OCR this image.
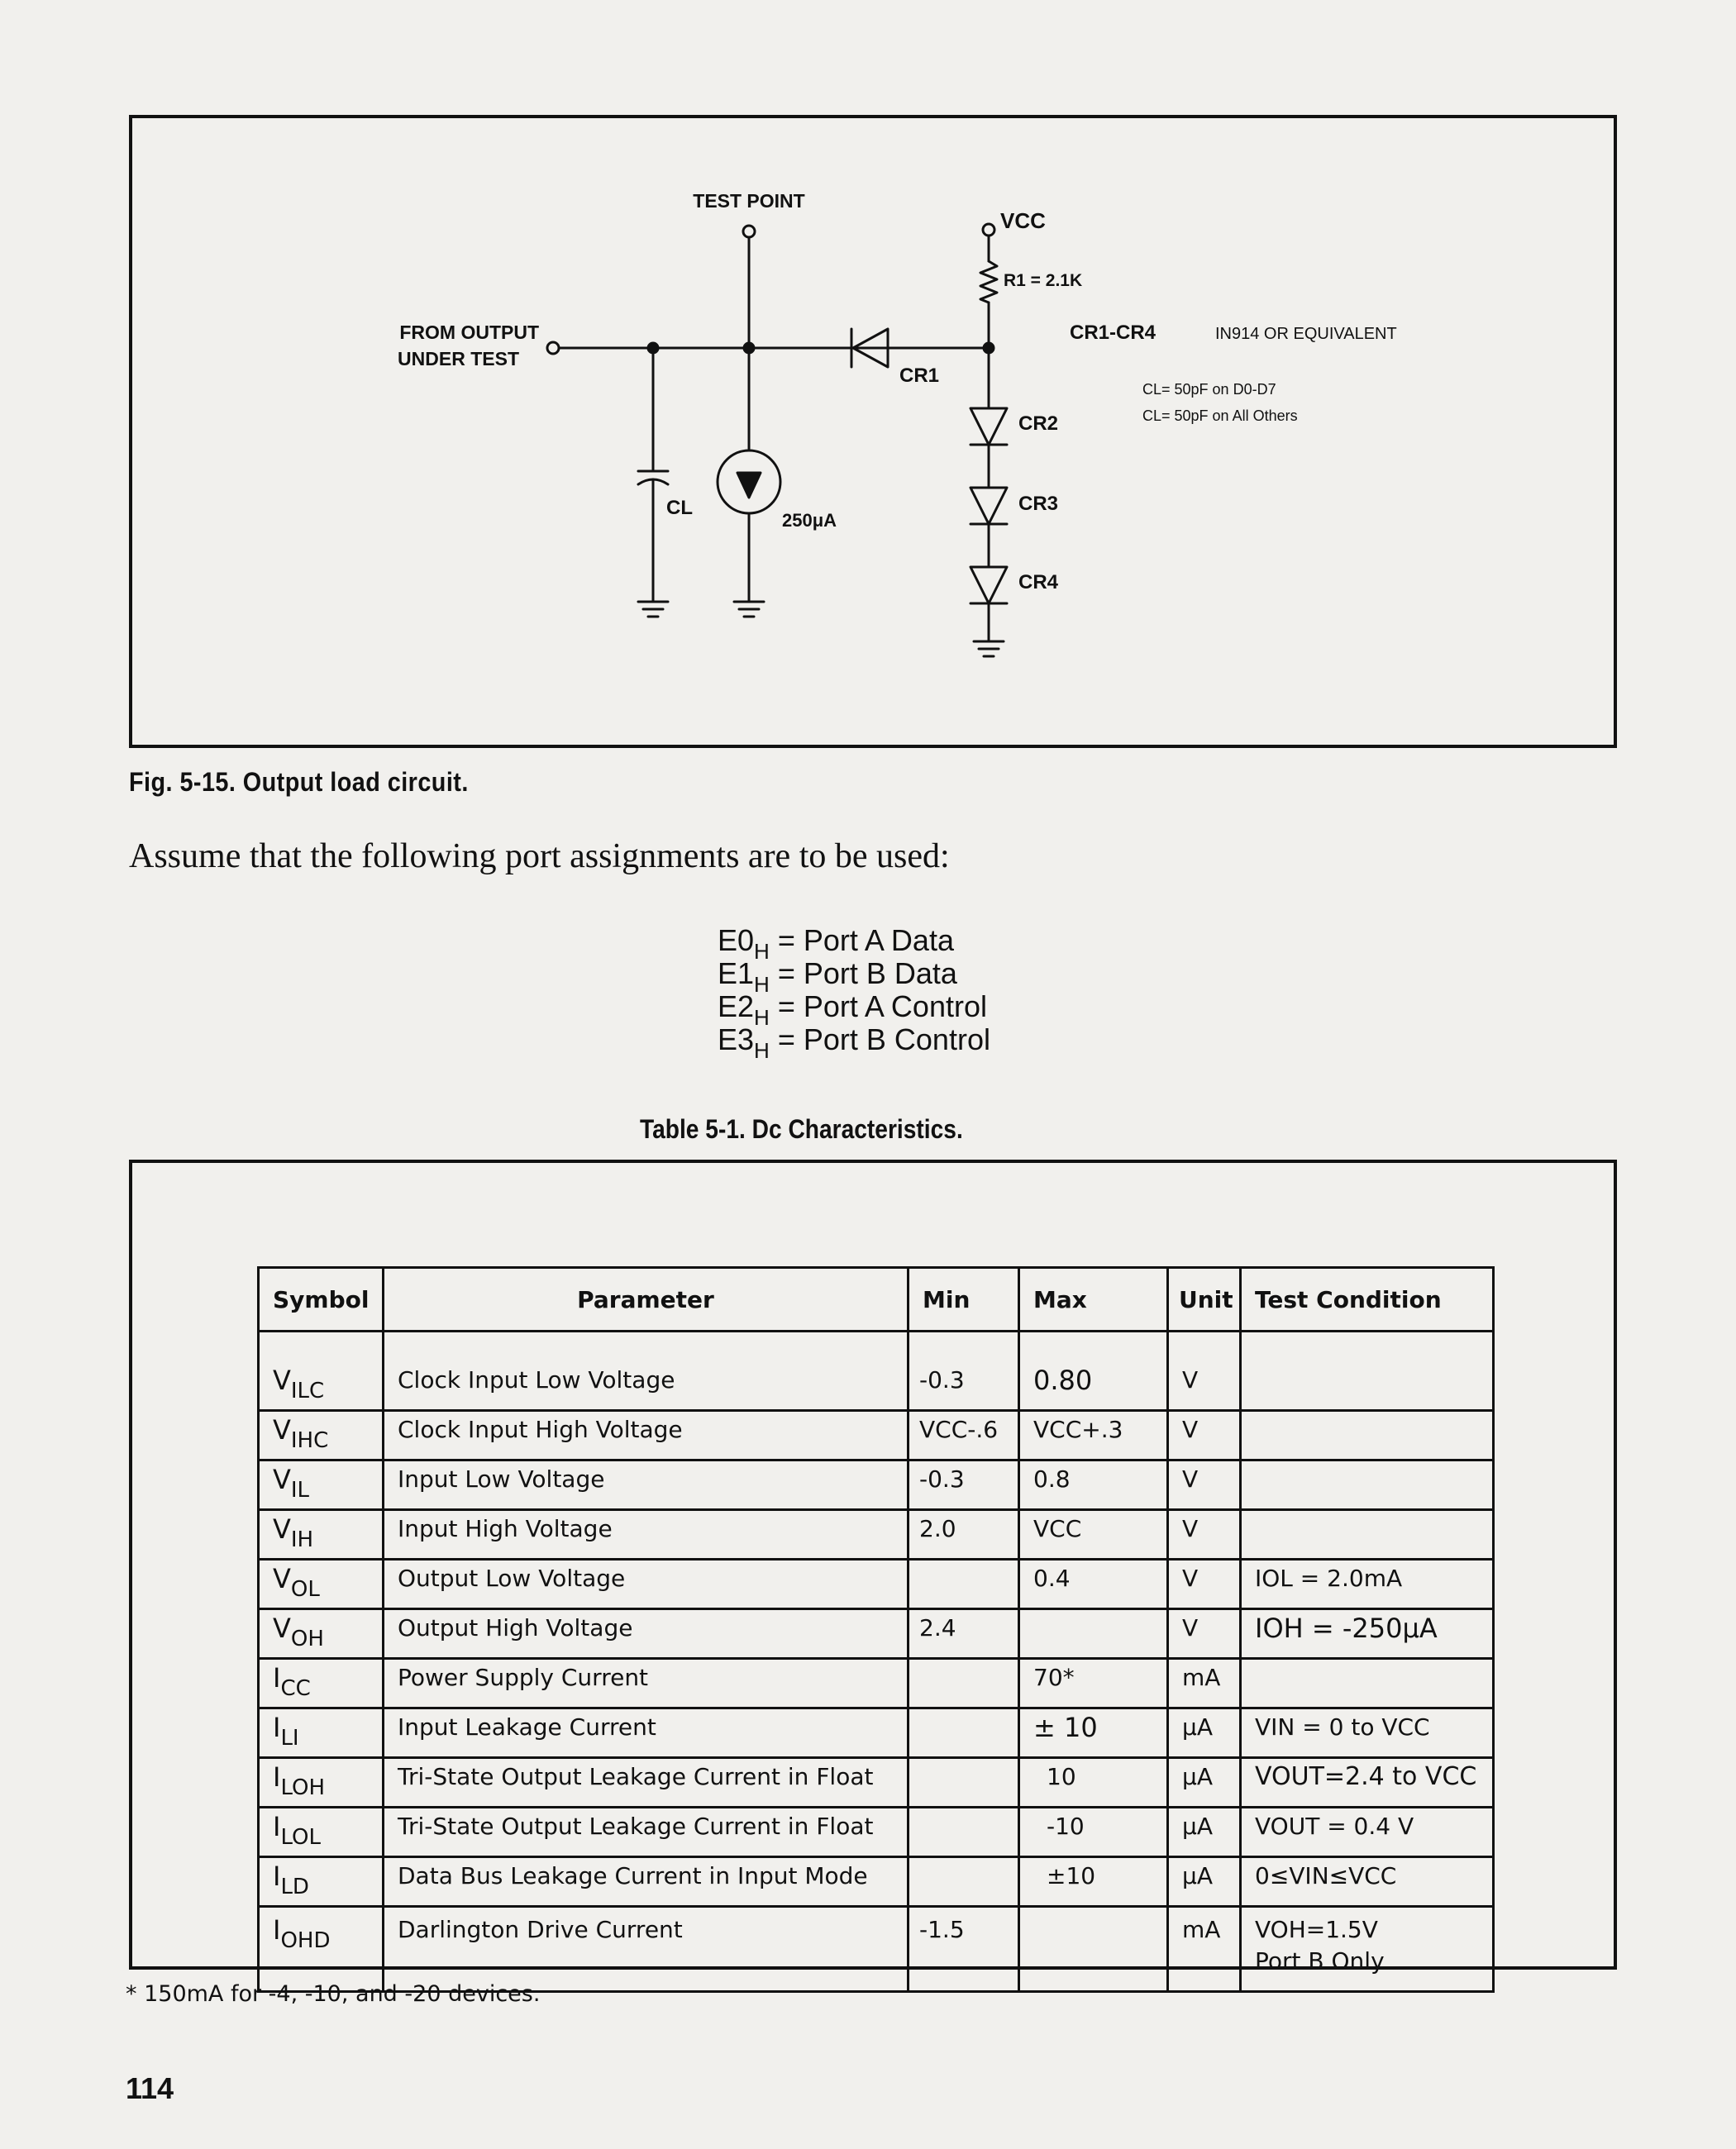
TEST POINT
VCC
R1 = 2.1K
FROM OUTPUT
UNDER TEST
CR1
CR2
CR3
CR4
CL
250μA
CR1-CR4	IN914 OR EQUIVALENT
CL= 50pF on D0-D7
CL= 50pF on All Others
Fig. 5-15. Output load circuit.
Assume that the following port assignments are to be used:
$E0_H$ = Port A Data
$E1_H$ = Port B Data
$E2_H$ = Port A Control
$E3_H$ = Port B Control
Table 5-1. Dc Characteristics.
Symbol	Parameter	Min	Max	Unit	Test Condition
$V_{ILC}$	Clock Input Low Voltage	-0.3	0.80	V	
$V_{IHC}$	Clock Input High Voltage	VCC-.6	VCC+.3	V	
$V_{IL}$	Input Low Voltage	-0.3	0.8	V	
$V_{IH}$	Input High Voltage	2.0	VCC	V	
$V_{OL}$	Output Low Voltage		0.4	V	IOL = 2.0mA
$V_{OH}$	Output High Voltage	2.4		V	IOH = -250μA
$I_{CC}$	Power Supply Current		70*	mA	
$I_{LI}$	Input Leakage Current		± 10	μA	VIN = 0 to VCC
$I_{LOH}$	Tri-State Output Leakage Current in Float		10	μA	VOUT=2.4 to VCC
$I_{LOL}$	Tri-State Output Leakage Current in Float		-10	μA	VOUT = 0.4 V
$I_{LD}$	Data Bus Leakage Current in Input Mode		±10	μA	0≤VIN≤VCC
$I_{OHD}$	Darlington Drive Current	-1.5		mA	VOH=1.5V
Port B Only
* 150mA for -4, -10, and -20 devices.
114
